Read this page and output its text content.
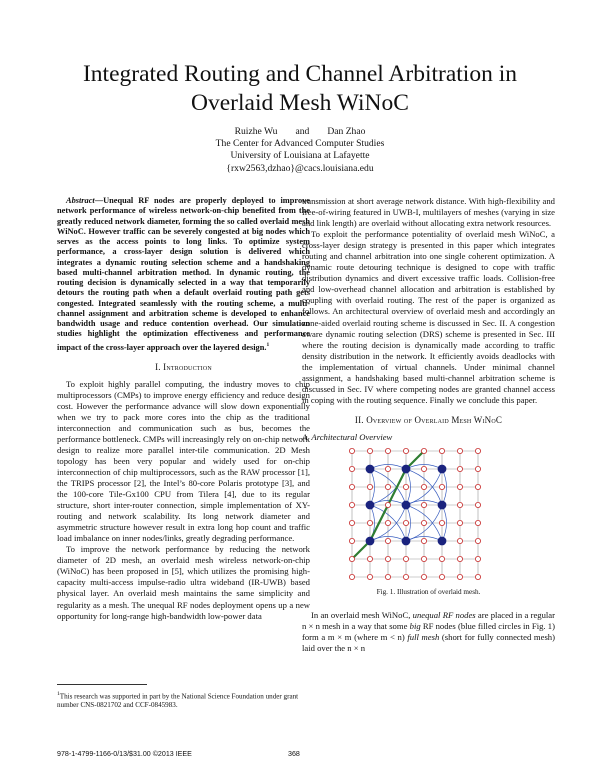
Integrated Routing and Channel Arbitration in
Overlaid Mesh WiNoC
Ruizhe Wu and Dan Zhao
The Center for Advanced Computer Studies
University of Louisiana at Lafayette
{rxw2563,dzhao}@cacs.louisiana.edu

Abstract—Unequal RF nodes are properly deployed to improve network performance of wireless network-on-chip benefited from the greatly reduced network diameter, forming the so called overlaid mesh WiNoC. However traffic can be severely congested at big nodes which serves as the access points to long links. To optimize system performance, a cross-layer design solution is delivered which integrates a dynamic routing selection scheme and a handshaking based multi-channel arbitration method. In dynamic routing, the routing decision is dynamically selected in a way that temporarily detours the routing path when a default overlaid routing path gets congested. Integrated seamlessly with the routing scheme, a multi-channel assignment and arbitration scheme is developed to enhance bandwidth usage and reduce contention overhead. Our simulation studies highlight the optimization effectiveness and performance impact of the cross-layer approach over the layered design.$^1$

I. Introduction

To exploit highly parallel computing, the industry moves to chip multiprocessors (CMPs) to improve energy efficiency and reduce design cost. However the performance advance will slow down exponentially when we try to pack more cores into the chip as the traditional interconnection and communication such as bus, becomes the performance bottleneck. CMPs will increasingly rely on on-chip network design to realize more parallel inter-tile communication. 2D Mesh topology has been very popular and widely used for on-chip interconnection of chip multiprocessors, such as the RAW processor [1], the TRIPS processor [2], the Intel’s 80-core Polaris prototype [3], and the 100-core Tile-Gx100 CPU from Tilera [4], due to its regular structure, short inter-router connection, simple implementation of XY-routing and network scalability. Its long network diameter and asymmetric structure however result in extra long hop count and traffic load imbalance on inner nodes/links, greatly degrading performance.

To improve the network performance by reducing the network diameter of 2D mesh, an overlaid mesh wireless network-on-chip (WiNoC) has been proposed in [5], which utilizes the promising high-capacity multi-access impulse-radio ultra wideband (IR-UWB) based physical layer. An overlaid mesh maintains the same simplicity and regularity as a mesh. The unequal RF nodes deployment opens up a new opportunity for long-range high-bandwidth low-power data

transmission at short average network distance. With high-flexibility and free-of-wiring featured in UWB-I, multilayers of meshes (varying in size and link length) are overlaid without allocating extra network resources.

To exploit the performance potentiality of overlaid mesh WiNoC, a cross-layer design strategy is presented in this paper which integrates routing and channel arbitration into one single coherent optimization. A dynamic route detouring technique is designed to cope with traffic distribution dynamics and divert excessive traffic loads. Collision-free and low-overhead channel allocation and arbitration is established by coupling with overlaid routing. The rest of the paper is organized as follows. An architectural overview of overlaid mesh and accordingly an zone-aided overlaid routing scheme is discussed in Sec. II. A congestion aware dynamic routing selection (DRS) scheme is presented in Sec. III where the routing decision is dynamically made according to traffic density distribution in the network. It efficiently avoids deadlocks with the implementation of virtual channels. Under minimal channel assignment, a handshaking based multi-channel arbitration scheme is discussed in Sec. IV where competing nodes are granted channel access in coping with the routing sequence. Finally we conclude this paper.

II. Overview of Overlaid Mesh WiNoC
A. Architectural Overview
Fig. 1. Illustration of overlaid mesh.

In an overlaid mesh WiNoC, unequal RF nodes are placed in a regular n × n mesh in a way that some big RF nodes (blue filled circles in Fig. 1) form a m × m (where m < n) full mesh (short for fully connected mesh) laid over the n × n

$^1$This research was supported in part by the National Science Foundation under grant number CNS-0821702 and CCF-0845983.
978-1-4799-1166-0/13/$31.00 ©2013 IEEE	368
